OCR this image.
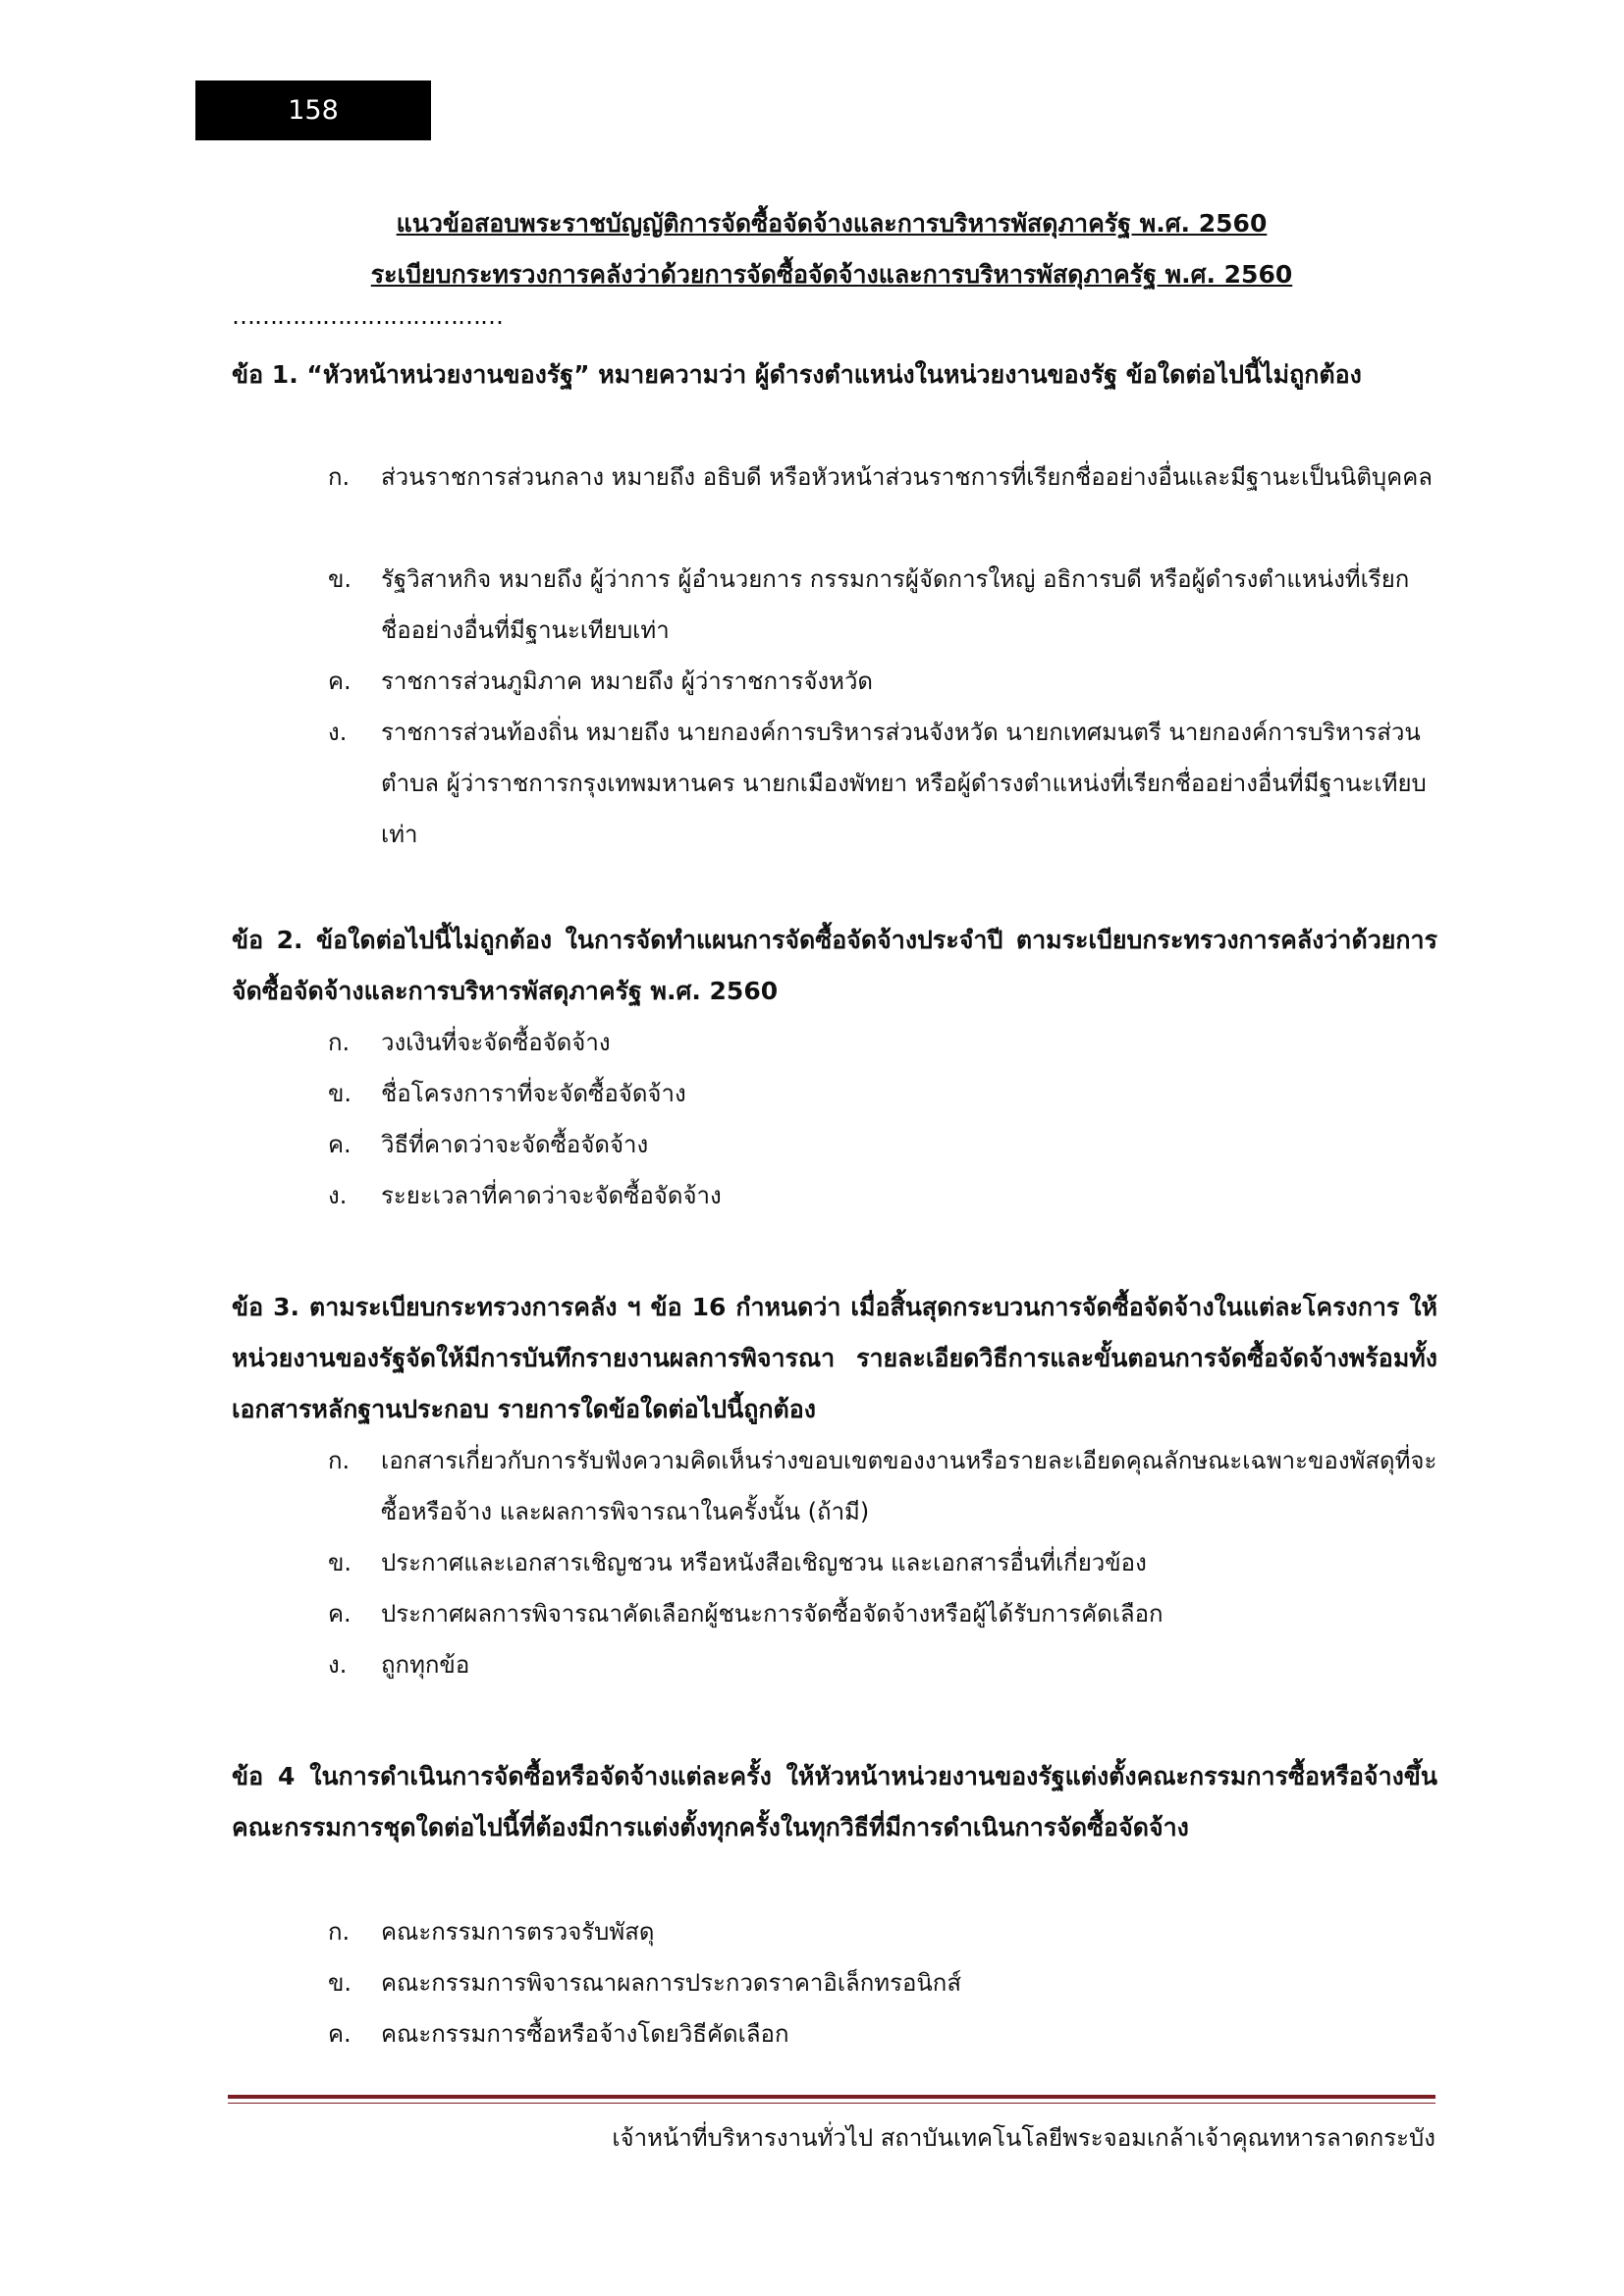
158
แนวข้อสอบพระราชบัญญัติการจัดซื้อจัดจ้างและการบริหารพัสดุภาครัฐ พ.ศ. 2560
ระเบียบกระทรวงการคลังว่าด้วยการจัดซื้อจัดจ้างและการบริหารพัสดุภาครัฐ พ.ศ. 2560
………………………………
ข้อ 1. “หัวหน้าหน่วยงานของรัฐ” หมายความว่า ผู้ดำรงตำแหน่งในหน่วยงานของรัฐ ข้อใดต่อไปนี้ไม่ถูกต้อง
ก.	ส่วนราชการส่วนกลาง หมายถึง อธิบดี หรือหัวหน้าส่วนราชการที่เรียกชื่ออย่างอื่นและมีฐานะเป็นนิติบุคคล
ข.	รัฐวิสาหกิจ หมายถึง ผู้ว่าการ ผู้อำนวยการ กรรมการผู้จัดการใหญ่ อธิการบดี หรือผู้ดำรงตำแหน่งที่เรียกชื่ออย่างอื่นที่มีฐานะเทียบเท่า
ค.	ราชการส่วนภูมิภาค หมายถึง ผู้ว่าราชการจังหวัด
ง.	ราชการส่วนท้องถิ่น หมายถึง นายกองค์การบริหารส่วนจังหวัด นายกเทศมนตรี นายกองค์การบริหารส่วนตำบล ผู้ว่าราชการกรุงเทพมหานคร นายกเมืองพัทยา หรือผู้ดำรงตำแหน่งที่เรียกชื่ออย่างอื่นที่มีฐานะเทียบเท่า
ข้อ 2. ข้อใดต่อไปนี้ไม่ถูกต้อง ในการจัดทำแผนการจัดซื้อจัดจ้างประจำปี ตามระเบียบกระทรวงการคลังว่าด้วยการจัดซื้อจัดจ้างและการบริหารพัสดุภาครัฐ พ.ศ. 2560
ก.	วงเงินที่จะจัดซื้อจัดจ้าง
ข.	ชื่อโครงการาที่จะจัดซื้อจัดจ้าง
ค.	วิธีที่คาดว่าจะจัดซื้อจัดจ้าง
ง.	ระยะเวลาที่คาดว่าจะจัดซื้อจัดจ้าง
ข้อ 3. ตามระเบียบกระทรวงการคลัง ฯ ข้อ 16 กำหนดว่า เมื่อสิ้นสุดกระบวนการจัดซื้อจัดจ้างในแต่ละโครงการ ให้หน่วยงานของรัฐจัดให้มีการบันทึกรายงานผลการพิจารณา รายละเอียดวิธีการและขั้นตอนการจัดซื้อจัดจ้างพร้อมทั้งเอกสารหลักฐานประกอบ รายการใดข้อใดต่อไปนี้ถูกต้อง
ก.	เอกสารเกี่ยวกับการรับฟังความคิดเห็นร่างขอบเขตของงานหรือรายละเอียดคุณลักษณะเฉพาะของพัสดุที่จะซื้อหรือจ้าง และผลการพิจารณาในครั้งนั้น (ถ้ามี)
ข.	ประกาศและเอกสารเชิญชวน หรือหนังสือเชิญชวน และเอกสารอื่นที่เกี่ยวข้อง
ค.	ประกาศผลการพิจารณาคัดเลือกผู้ชนะการจัดซื้อจัดจ้างหรือผู้ได้รับการคัดเลือก
ง.	ถูกทุกข้อ
ข้อ 4 ในการดำเนินการจัดซื้อหรือจัดจ้างแต่ละครั้ง ให้หัวหน้าหน่วยงานของรัฐแต่งตั้งคณะกรรมการซื้อหรือจ้างขึ้น คณะกรรมการชุดใดต่อไปนี้ที่ต้องมีการแต่งตั้งทุกครั้งในทุกวิธีที่มีการดำเนินการจัดซื้อจัดจ้าง
ก.	คณะกรรมการตรวจรับพัสดุ
ข.	คณะกรรมการพิจารณาผลการประกวดราคาอิเล็กทรอนิกส์
ค.	คณะกรรมการซื้อหรือจ้างโดยวิธีคัดเลือก
เจ้าหน้าที่บริหารงานทั่วไป สถาบันเทคโนโลยีพระจอมเกล้าเจ้าคุณทหารลาดกระบัง
